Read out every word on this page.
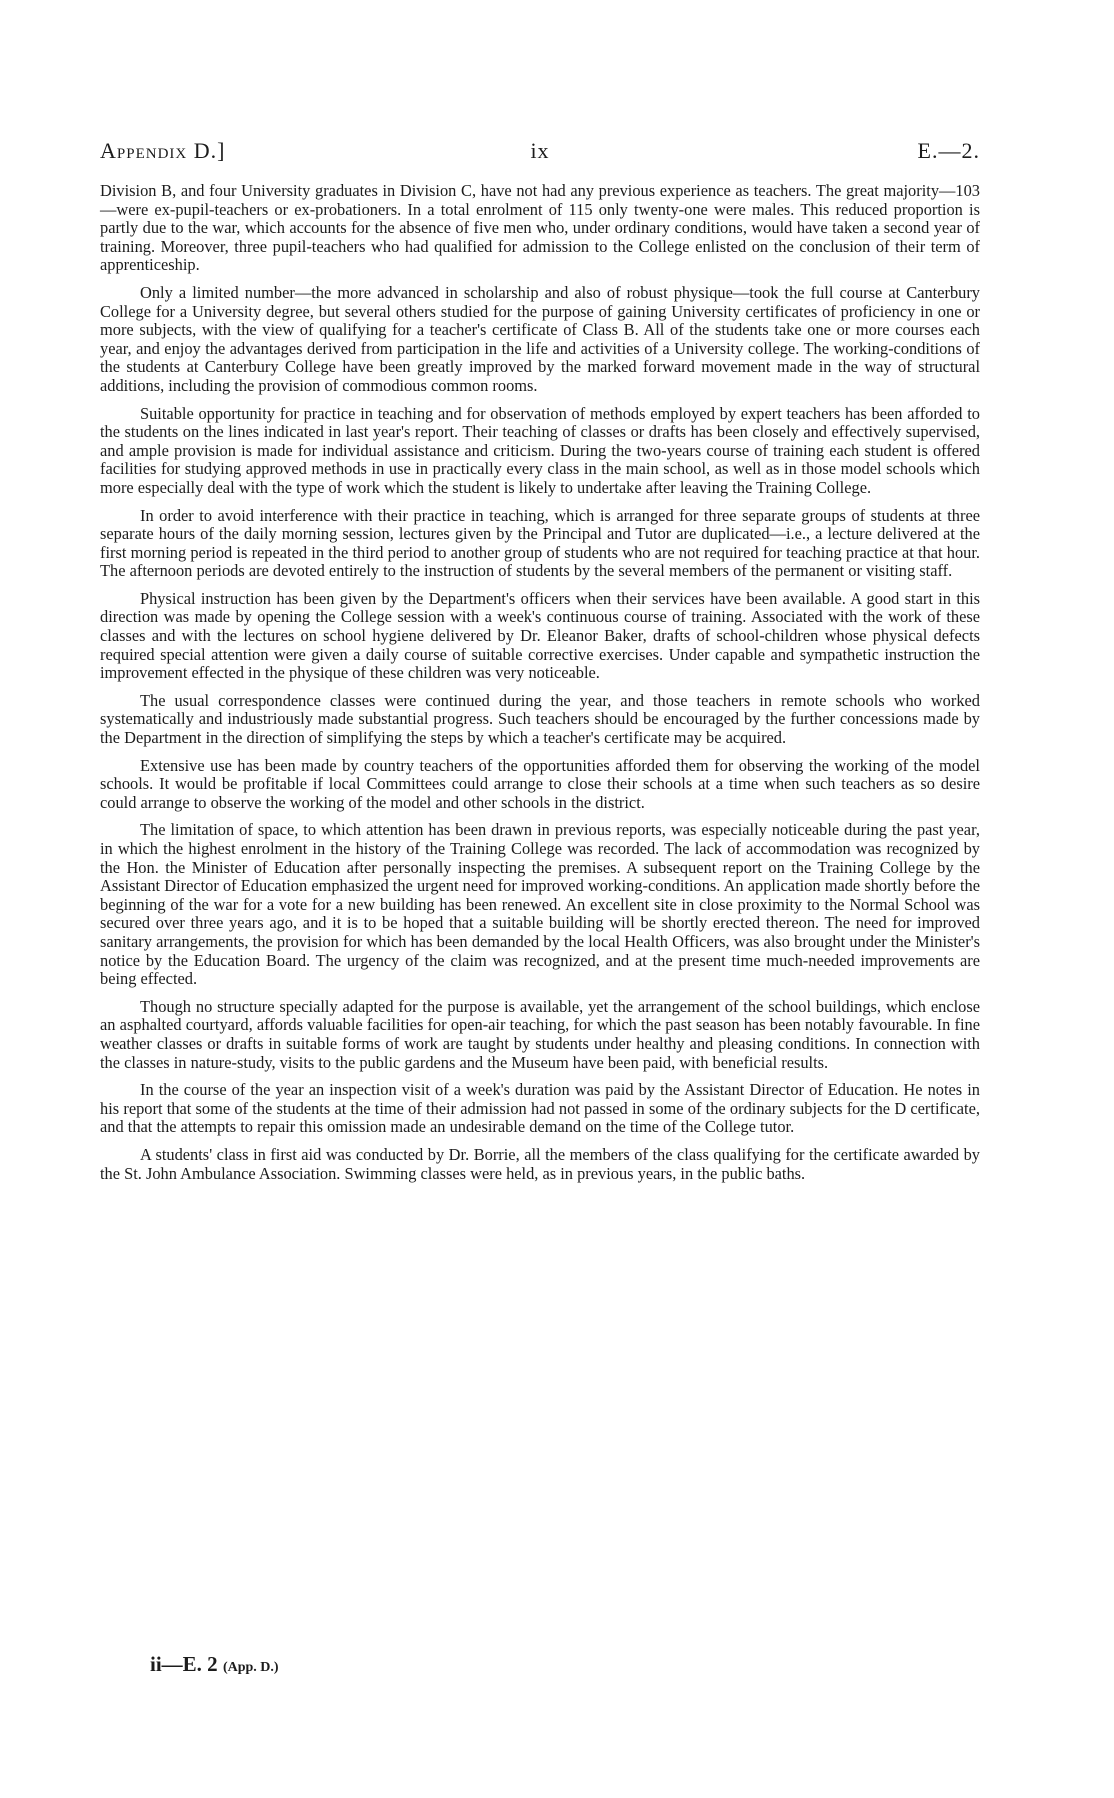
Appendix D.]	ix	E.—2.

Division B, and four University graduates in Division C, have not had any previous experience as teachers. The great majority—103—were ex-pupil-teachers or ex-probationers. In a total enrolment of 115 only twenty-one were males. This reduced proportion is partly due to the war, which accounts for the absence of five men who, under ordinary conditions, would have taken a second year of training. Moreover, three pupil-teachers who had qualified for admission to the College enlisted on the conclusion of their term of apprenticeship.

Only a limited number—the more advanced in scholarship and also of robust physique—took the full course at Canterbury College for a University degree, but several others studied for the purpose of gaining University certificates of proficiency in one or more subjects, with the view of qualifying for a teacher's certificate of Class B. All of the students take one or more courses each year, and enjoy the advantages derived from participation in the life and activities of a University college. The working-conditions of the students at Canterbury College have been greatly improved by the marked forward movement made in the way of structural additions, including the provision of commodious common rooms.

Suitable opportunity for practice in teaching and for observation of methods employed by expert teachers has been afforded to the students on the lines indicated in last year's report. Their teaching of classes or drafts has been closely and effectively supervised, and ample provision is made for individual assistance and criticism. During the two-years course of training each student is offered facilities for studying approved methods in use in practically every class in the main school, as well as in those model schools which more especially deal with the type of work which the student is likely to undertake after leaving the Training College.

In order to avoid interference with their practice in teaching, which is arranged for three separate groups of students at three separate hours of the daily morning session, lectures given by the Principal and Tutor are duplicated—i.e., a lecture delivered at the first morning period is repeated in the third period to another group of students who are not required for teaching practice at that hour. The afternoon periods are devoted entirely to the instruction of students by the several members of the permanent or visiting staff.

Physical instruction has been given by the Department's officers when their services have been available. A good start in this direction was made by opening the College session with a week's continuous course of training. Associated with the work of these classes and with the lectures on school hygiene delivered by Dr. Eleanor Baker, drafts of school-children whose physical defects required special attention were given a daily course of suitable corrective exercises. Under capable and sympathetic instruction the improvement effected in the physique of these children was very noticeable.

The usual correspondence classes were continued during the year, and those teachers in remote schools who worked systematically and industriously made substantial progress. Such teachers should be encouraged by the further concessions made by the Department in the direction of simplifying the steps by which a teacher's certificate may be acquired.

Extensive use has been made by country teachers of the opportunities afforded them for observing the working of the model schools. It would be profitable if local Committees could arrange to close their schools at a time when such teachers as so desire could arrange to observe the working of the model and other schools in the district.

The limitation of space, to which attention has been drawn in previous reports, was especially noticeable during the past year, in which the highest enrolment in the history of the Training College was recorded. The lack of accommodation was recognized by the Hon. the Minister of Education after personally inspecting the premises. A subsequent report on the Training College by the Assistant Director of Education emphasized the urgent need for improved working-conditions. An application made shortly before the beginning of the war for a vote for a new building has been renewed. An excellent site in close proximity to the Normal School was secured over three years ago, and it is to be hoped that a suitable building will be shortly erected thereon. The need for improved sanitary arrangements, the provision for which has been demanded by the local Health Officers, was also brought under the Minister's notice by the Education Board. The urgency of the claim was recognized, and at the present time much-needed improvements are being effected.

Though no structure specially adapted for the purpose is available, yet the arrangement of the school buildings, which enclose an asphalted courtyard, affords valuable facilities for open-air teaching, for which the past season has been notably favourable. In fine weather classes or drafts in suitable forms of work are taught by students under healthy and pleasing conditions. In connection with the classes in nature-study, visits to the public gardens and the Museum have been paid, with beneficial results.

In the course of the year an inspection visit of a week's duration was paid by the Assistant Director of Education. He notes in his report that some of the students at the time of their admission had not passed in some of the ordinary subjects for the D certificate, and that the attempts to repair this omission made an undesirable demand on the time of the College tutor.

A students' class in first aid was conducted by Dr. Borrie, all the members of the class qualifying for the certificate awarded by the St. John Ambulance Association. Swimming classes were held, as in previous years, in the public baths.

ii—E. 2 (App. D.)
